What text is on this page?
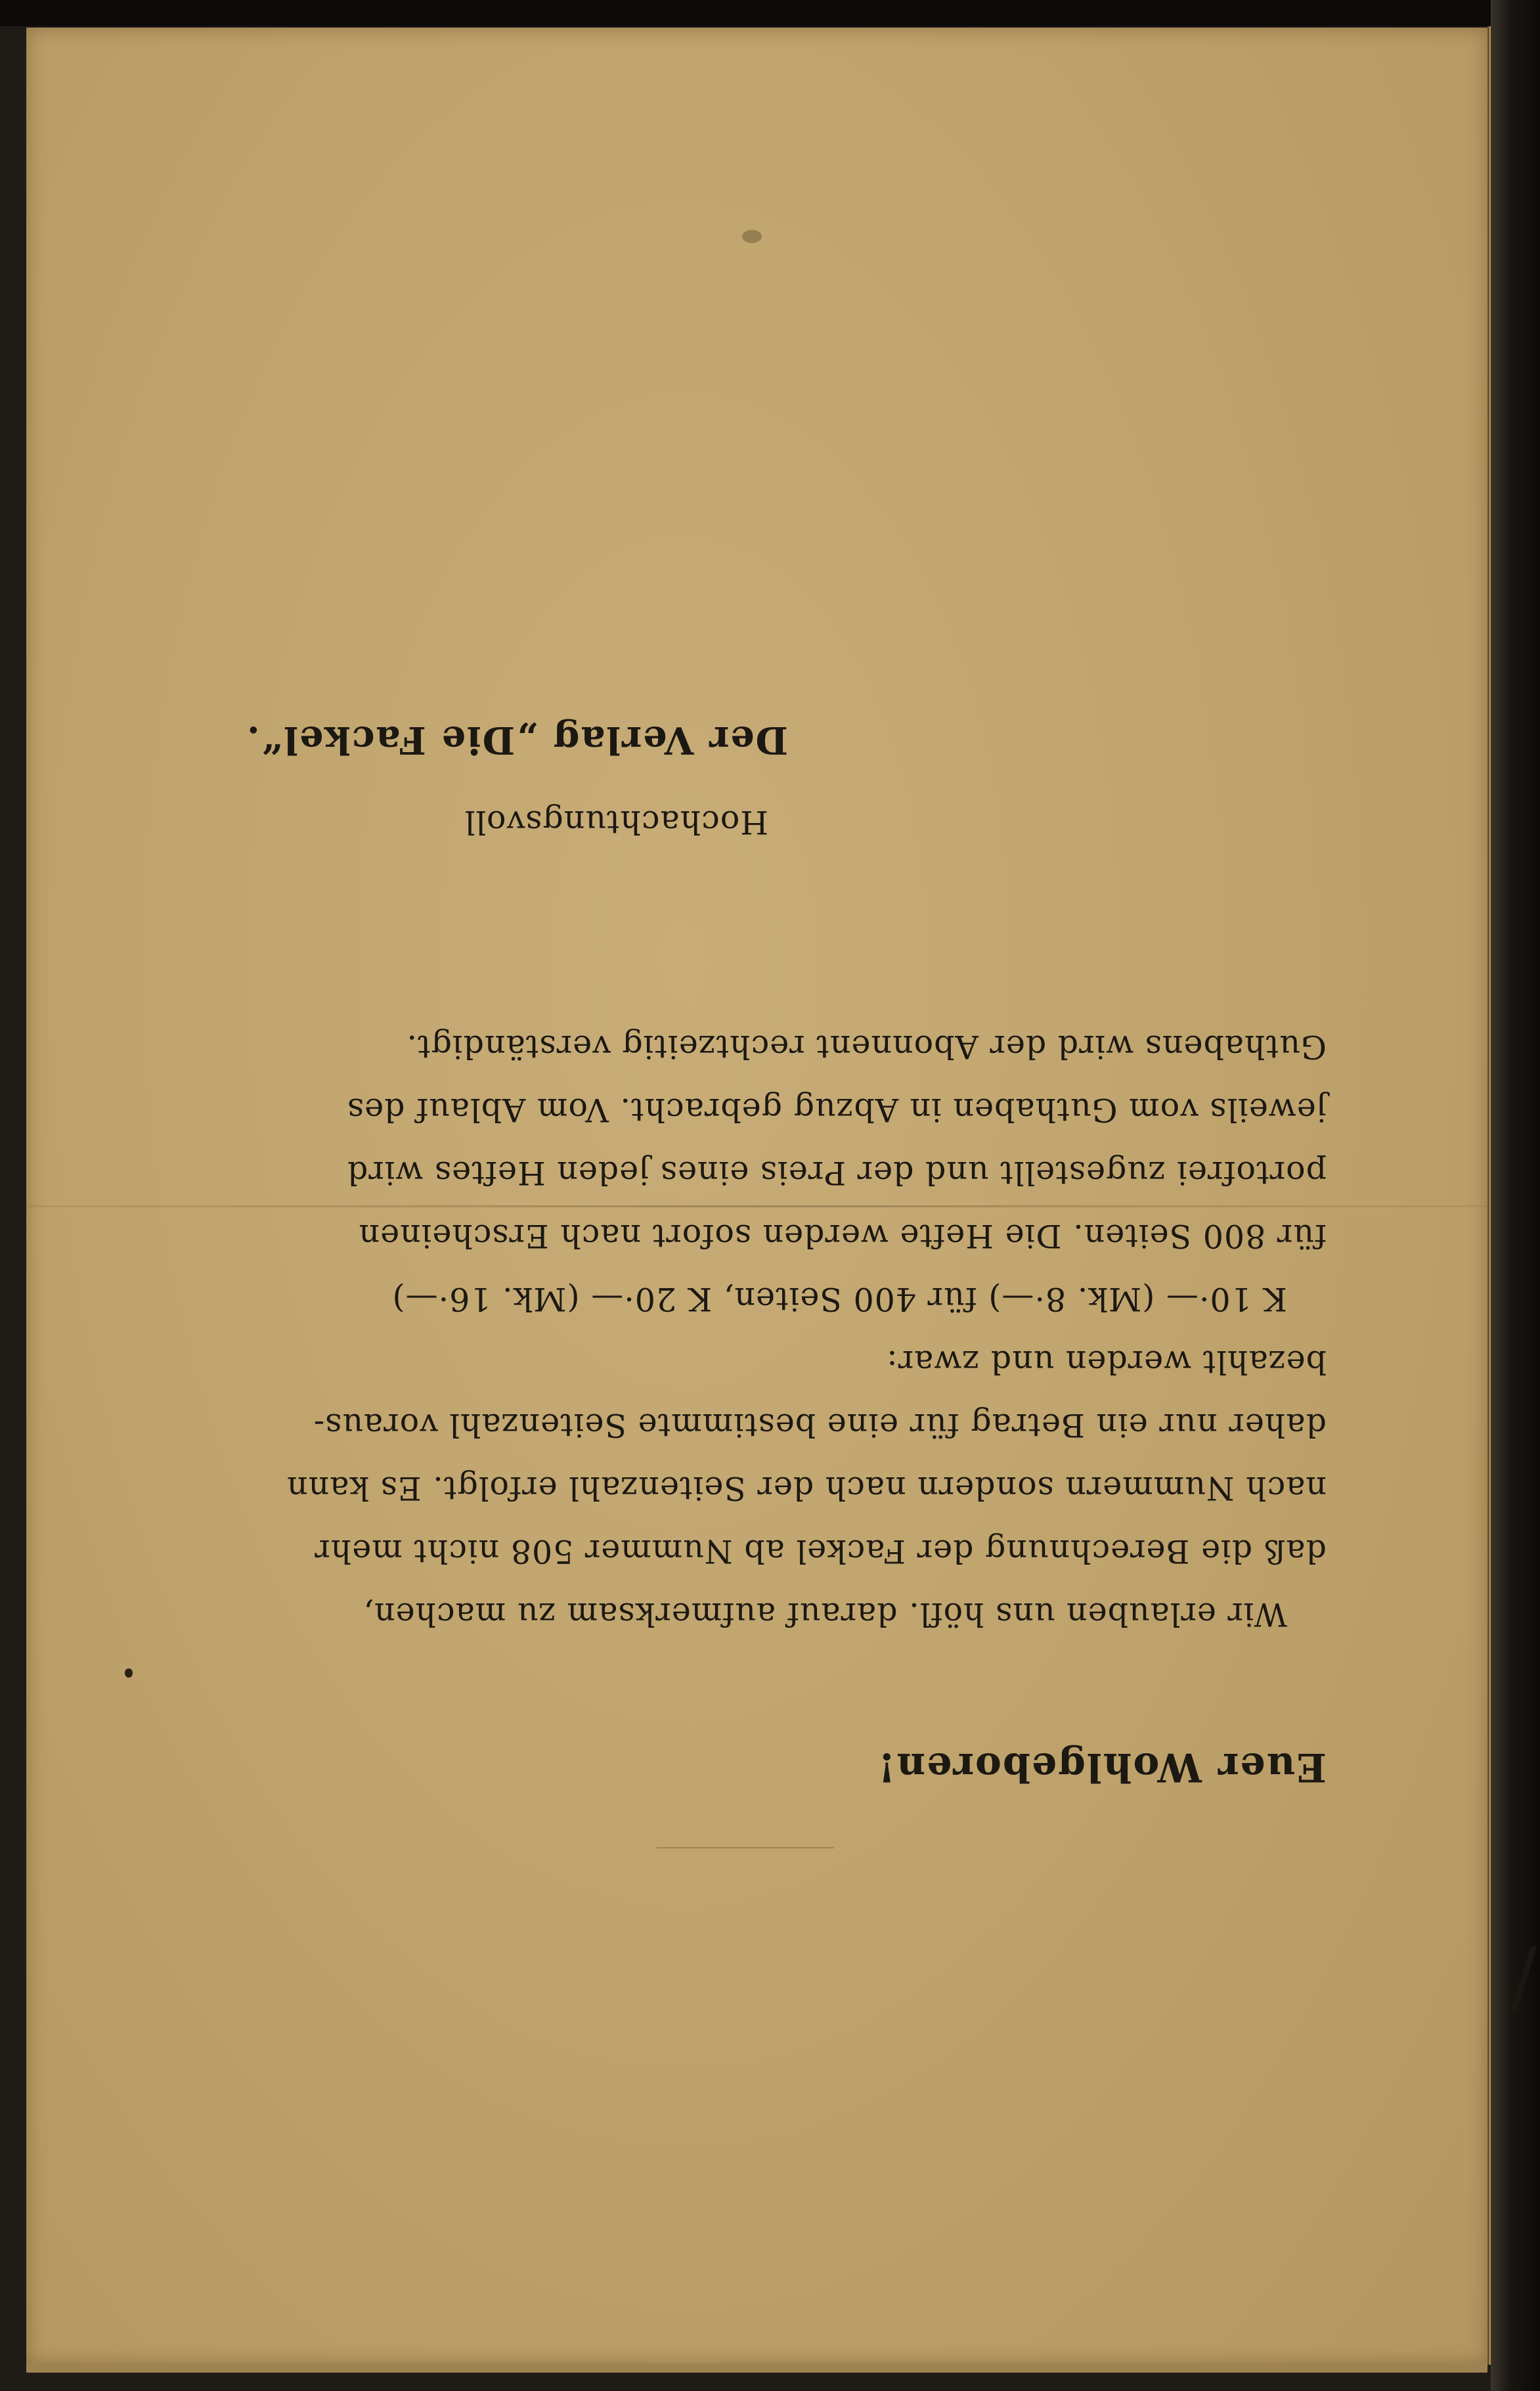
/
Euer Wohlgeboren!

Wir erlauben uns höfl. darauf aufmerksam zu machen,
daß die Berechnung der Fackel ab Nummer 508 nicht mehr
nach Nummern sondern nach der Seitenzahl erfolgt. Es kann
daher nur ein Betrag für eine bestimmte Seitenzahl voraus-
bezahlt werden und zwar:

K 10·— (Mk. 8·—) für 400 Seiten, K 20·— (Mk. 16·—)
für 800 Seiten. Die Hefte werden sofort nach Erscheinen
portofrei zugestellt und der Preis eines jeden Heftes wird
jeweils vom Guthaben in Abzug gebracht. Vom Ablauf des
Guthabens wird der Abonnent rechtzeitig verständigt.

Hochachtungsvoll
Der Verlag „Die Fackel“.
